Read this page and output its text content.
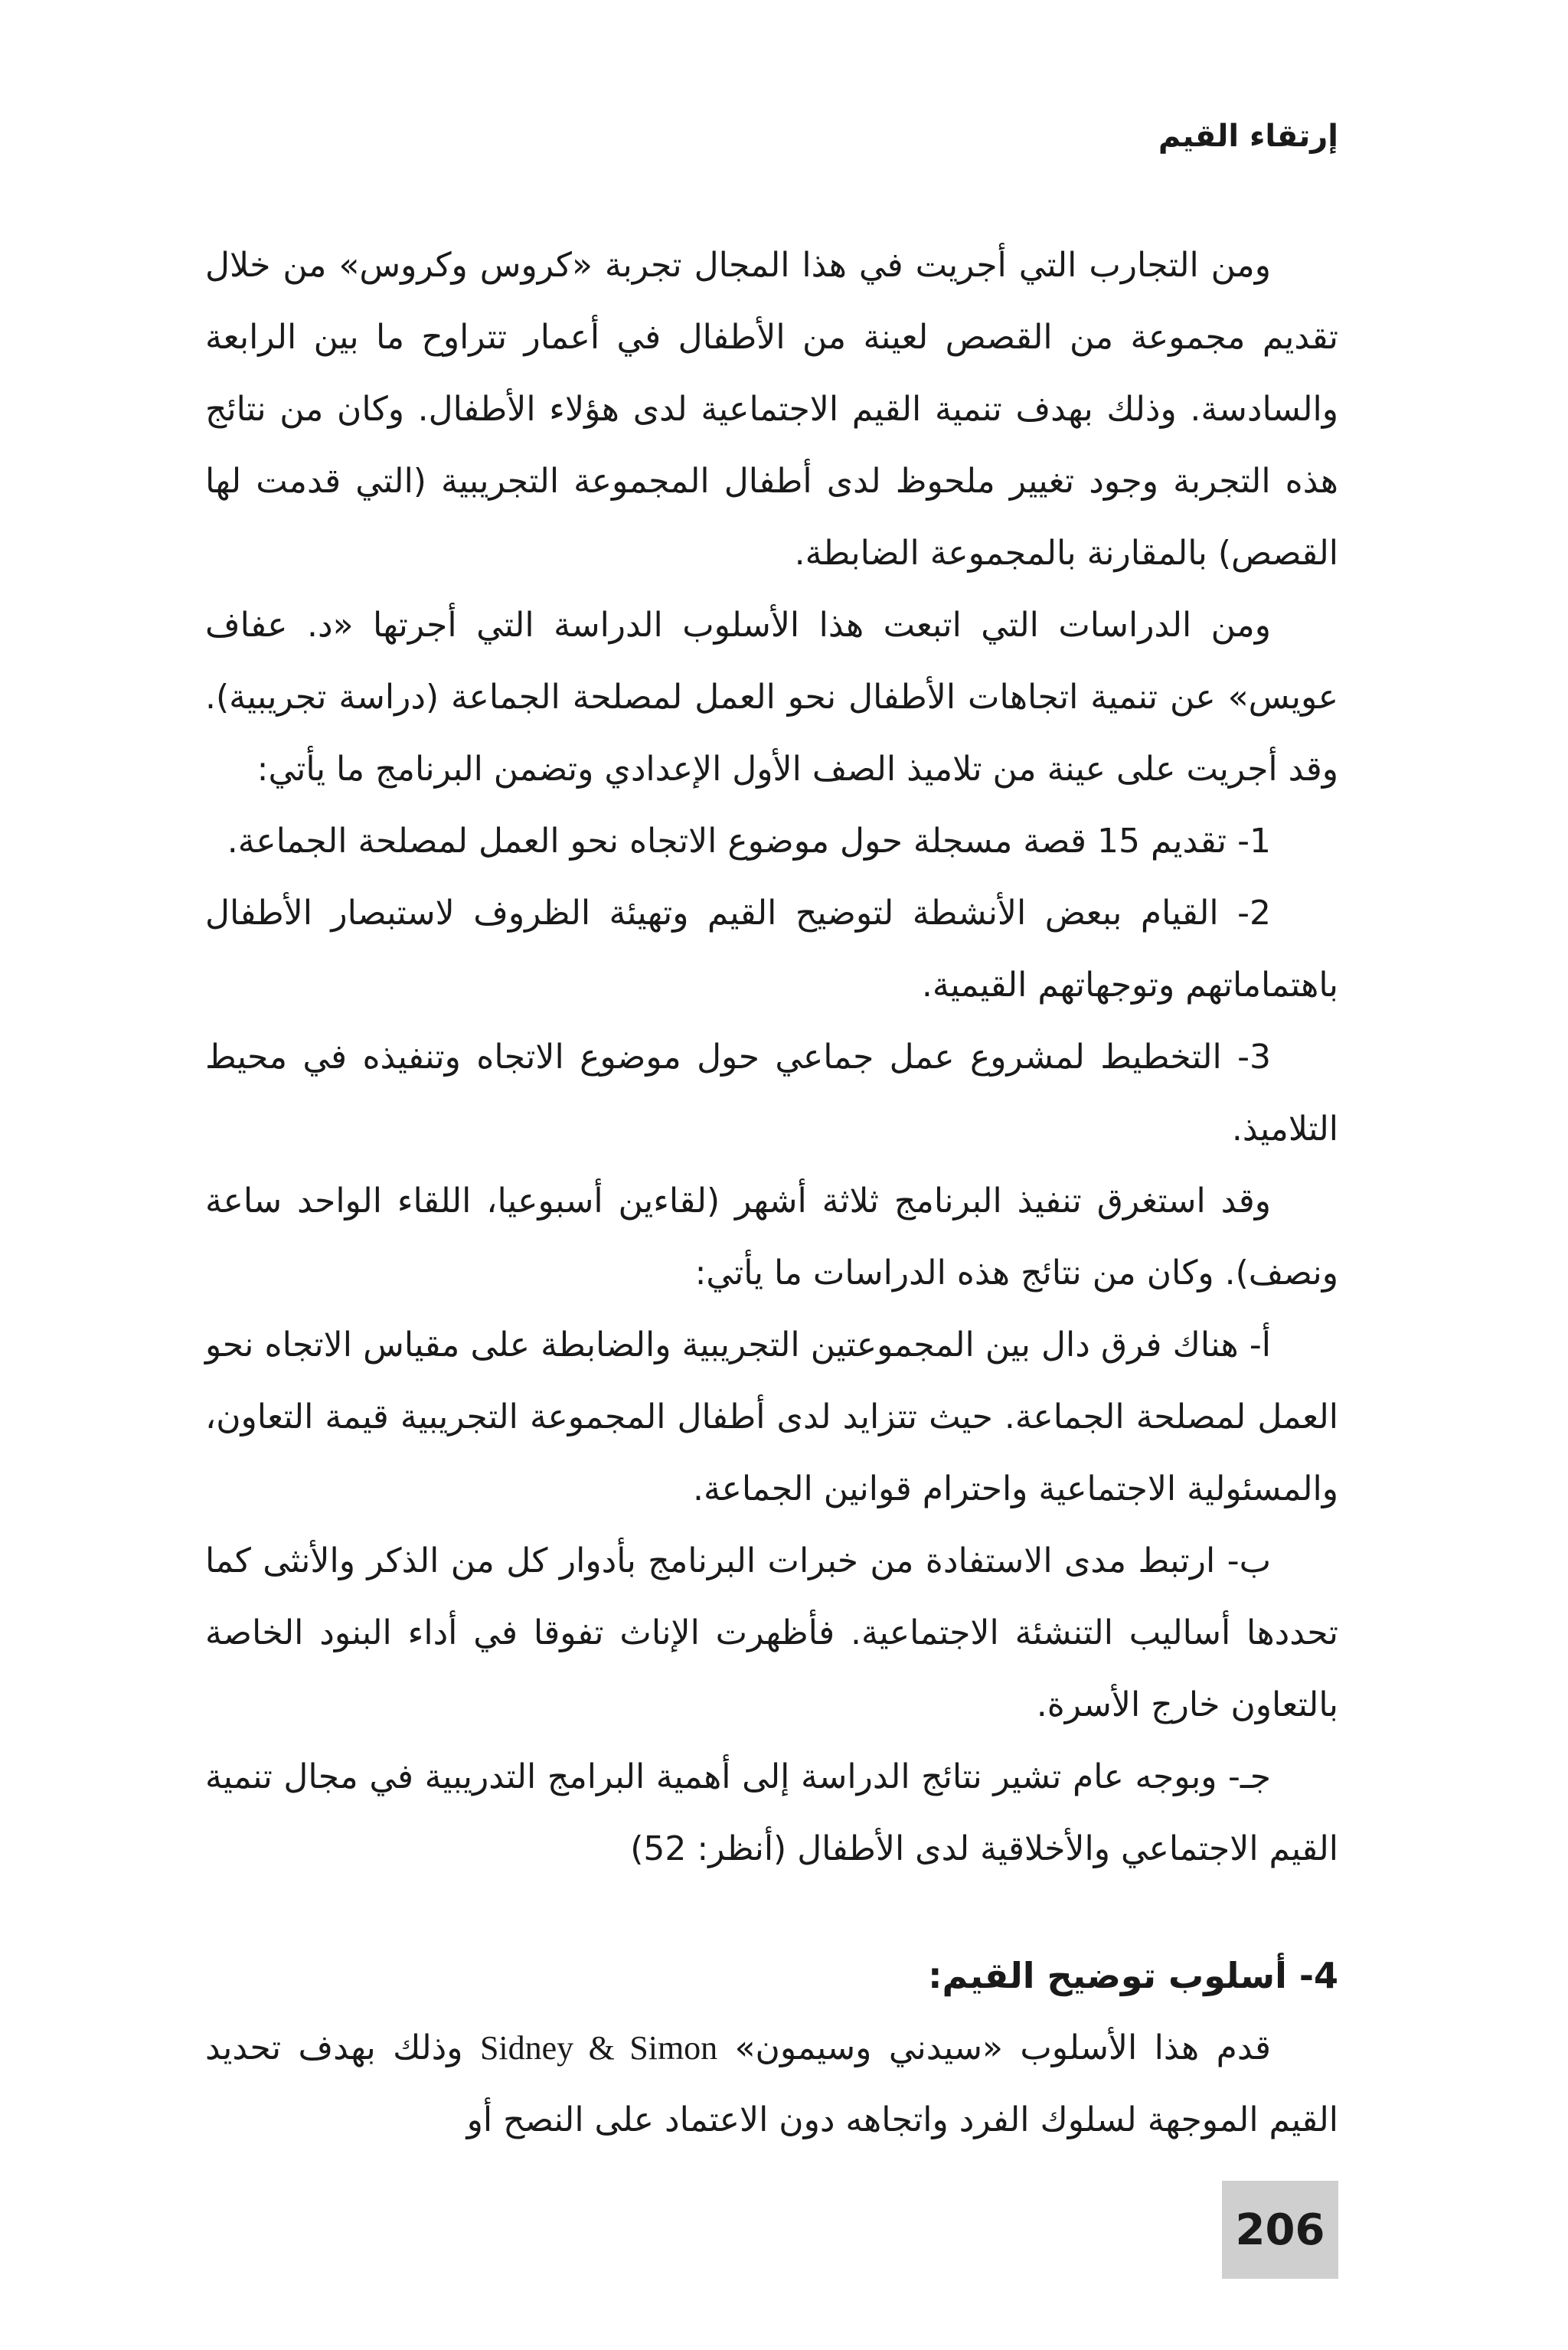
إرتقاء القيم

ومن التجارب التي أجريت في هذا المجال تجربة «كروس وكروس» من خلال تقديم مجموعة من القصص لعينة من الأطفال في أعمار تتراوح ما بين الرابعة والسادسة. وذلك بهدف تنمية القيم الاجتماعية لدى هؤلاء الأطفال. وكان من نتائج هذه التجربة وجود تغيير ملحوظ لدى أطفال المجموعة التجريبية (التي قدمت لها القصص) بالمقارنة بالمجموعة الضابطة.

ومن الدراسات التي اتبعت هذا الأسلوب الدراسة التي أجرتها «د. عفاف عويس» عن تنمية اتجاهات الأطفال نحو العمل لمصلحة الجماعة (دراسة تجريبية). وقد أجريت على عينة من تلاميذ الصف الأول الإعدادي وتضمن البرنامج ما يأتي:

1- تقديم 15 قصة مسجلة حول موضوع الاتجاه نحو العمل لمصلحة الجماعة.

2- القيام ببعض الأنشطة لتوضيح القيم وتهيئة الظروف لاستبصار الأطفال باهتماماتهم وتوجهاتهم القيمية.

3- التخطيط لمشروع عمل جماعي حول موضوع الاتجاه وتنفيذه في محيط التلاميذ.

وقد استغرق تنفيذ البرنامج ثلاثة أشهر (لقاءين أسبوعيا، اللقاء الواحد ساعة ونصف). وكان من نتائج هذه الدراسات ما يأتي:

أ- هناك فرق دال بين المجموعتين التجريبية والضابطة على مقياس الاتجاه نحو العمل لمصلحة الجماعة. حيث تتزايد لدى أطفال المجموعة التجريبية قيمة التعاون، والمسئولية الاجتماعية واحترام قوانين الجماعة.

ب- ارتبط مدى الاستفادة من خبرات البرنامج بأدوار كل من الذكر والأنثى كما تحددها أساليب التنشئة الاجتماعية. فأظهرت الإناث تفوقا في أداء البنود الخاصة بالتعاون خارج الأسرة.

جـ- وبوجه عام تشير نتائج الدراسة إلى أهمية البرامج التدريبية في مجال تنمية القيم الاجتماعي والأخلاقية لدى الأطفال (أنظر: 52)

4- أسلوب توضيح القيم:

قدم هذا الأسلوب «سيدني وسيمون» Sidney & Simon وذلك بهدف تحديد القيم الموجهة لسلوك الفرد واتجاهه دون الاعتماد على النصح أو

206
